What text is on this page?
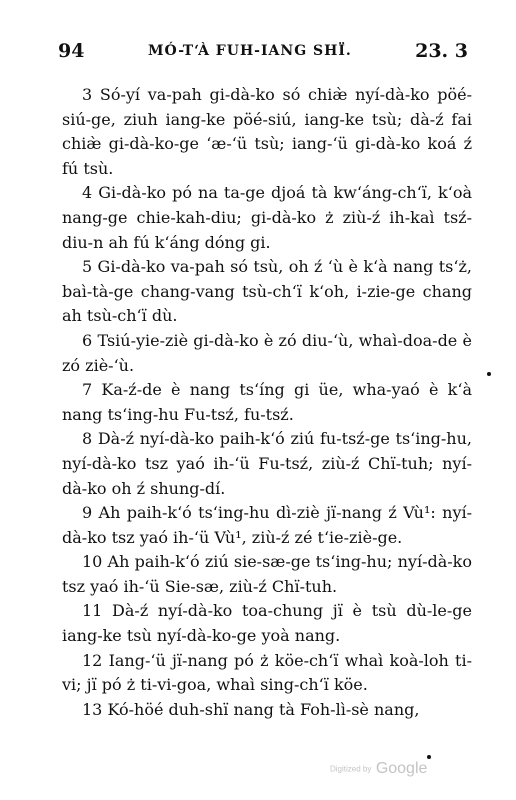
94	MÓ-T‘À FUH-IANG SHÏ.	23. 3

3 Só-yí va-pah gi-dà-ko só chiæ̀ nyí-dà-ko pöé-siú-ge, ziuh iang-ke pöé-siú, iang-ke tsù; dà-ź fai chiæ̀ gi-dà-ko-ge ‘æ-‘ü tsù; iang-‘ü gi-dà-ko koá ź fú tsù.

4 Gi-dà-ko pó na ta-ge djoá tà kw‘áng-ch‘ï, k‘oà nang-ge chie-kah-diu; gi-dà-ko ż ziù-ź ih-kaì tsź-diu-n ah fú k‘áng dóng gi.

5 Gi-dà-ko va-pah só tsù, oh ź ‘ù è k‘à nang ts‘ż, baì-tà-ge chang-vang tsù-ch‘ï k‘oh, i-zie-ge chang ah tsù-ch‘ï dù.

6 Tsiú-yie-ziè gi-dà-ko è zó diu-‘ù, whaì-doa-de è zó ziè-‘ù.

7 Ka-ź-de è nang ts‘íng gi üe, wha-yaó è k‘à nang ts‘ing-hu Fu-tsź, fu-tsź.

8 Dà-ź nyí-dà-ko paih-k‘ó ziú fu-tsź-ge ts‘ing-hu, nyí-dà-ko tsz yaó ih-‘ü Fu-tsź, ziù-ź Chï-tuh; nyí-dà-ko oh ź shung-dí.

9 Ah paih-k‘ó ts‘ing-hu dì-ziè jï-nang ź Vù¹: nyí-dà-ko tsz yaó ih-‘ü Vù¹, ziù-ź zé t‘ie-ziè-ge.

10 Ah paih-k‘ó ziú sie-sæ-ge ts‘ing-hu; nyí-dà-ko tsz yaó ih-‘ü Sie-sæ, ziù-ź Chï-tuh.

11 Dà-ź nyí-dà-ko toa-chung jï è tsù dù-le-ge iang-ke tsù nyí-dà-ko-ge yoà nang.

12 Iang-‘ü jï-nang pó ż köe-ch‘ï whaì koà-loh ti-vi; jï pó ż ti-vi-goa, whaì sing-ch‘ï köe.

13 Kó-höé duh-shï nang tà Foh-lì-sè nang,

Digitized by Google
